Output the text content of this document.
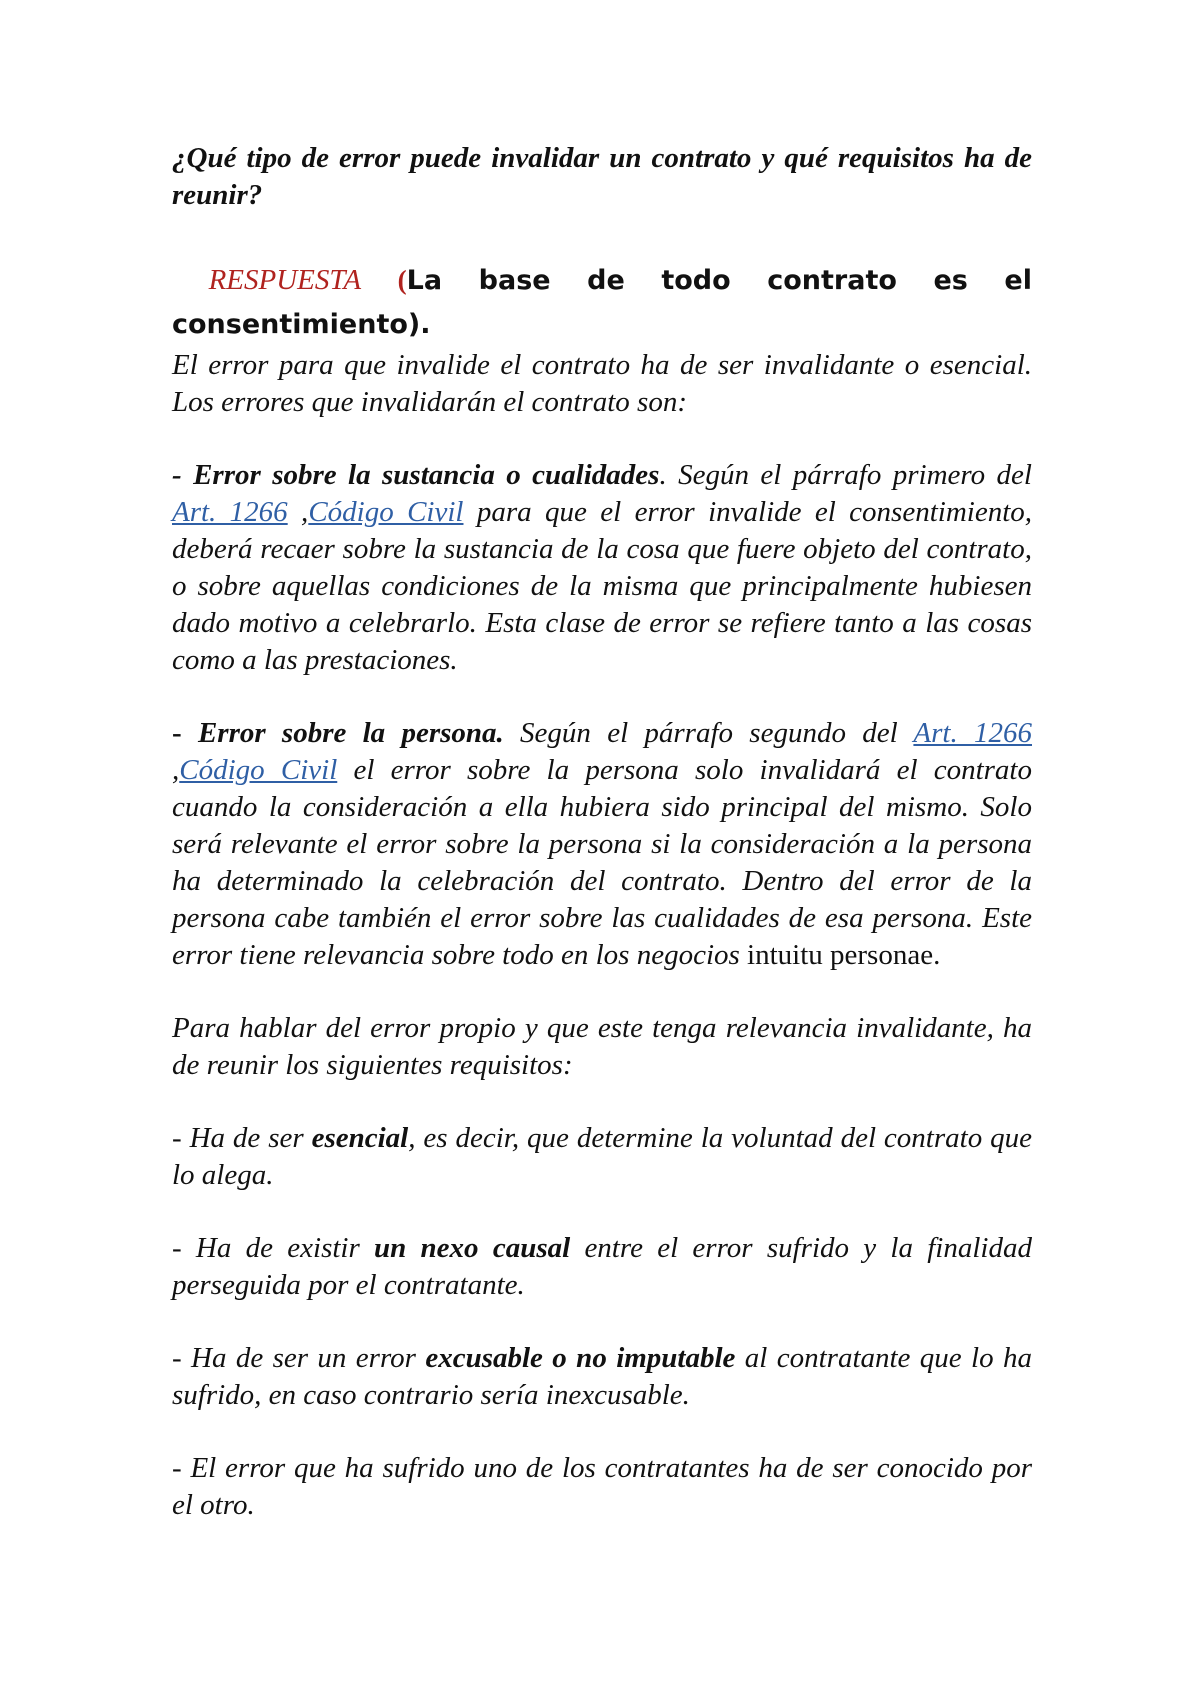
¿Qué tipo de error puede invalidar un contrato y qué requisitos ha de reunir?

RESPUESTA (La base de todo contrato es el consentimiento).

El error para que invalide el contrato ha de ser invalidante o esencial. Los errores que invalidarán el contrato son:

- Error sobre la sustancia o cualidades. Según el párrafo primero del Art. 1266 ,Código Civil para que el error invalide el consentimiento, deberá recaer sobre la sustancia de la cosa que fuere objeto del contrato, o sobre aquellas condiciones de la misma que principalmente hubiesen dado motivo a celebrarlo. Esta clase de error se refiere tanto a las cosas como a las prestaciones.

- Error sobre la persona. Según el párrafo segundo del Art. 1266 ,Código Civil el error sobre la persona solo invalidará el contrato cuando la consideración a ella hubiera sido principal del mismo. Solo será relevante el error sobre la persona si la consideración a la persona ha determinado la celebración del contrato. Dentro del error de la persona cabe también el error sobre las cualidades de esa persona. Este error tiene relevancia sobre todo en los negocios intuitu personae.

Para hablar del error propio y que este tenga relevancia invalidante, ha de reunir los siguientes requisitos:

- Ha de ser esencial, es decir, que determine la voluntad del contrato que lo alega.

- Ha de existir un nexo causal entre el error sufrido y la finalidad perseguida por el contratante.

- Ha de ser un error excusable o no imputable al contratante que lo ha sufrido, en caso contrario sería inexcusable.

- El error que ha sufrido uno de los contratantes ha de ser conocido por el otro.
